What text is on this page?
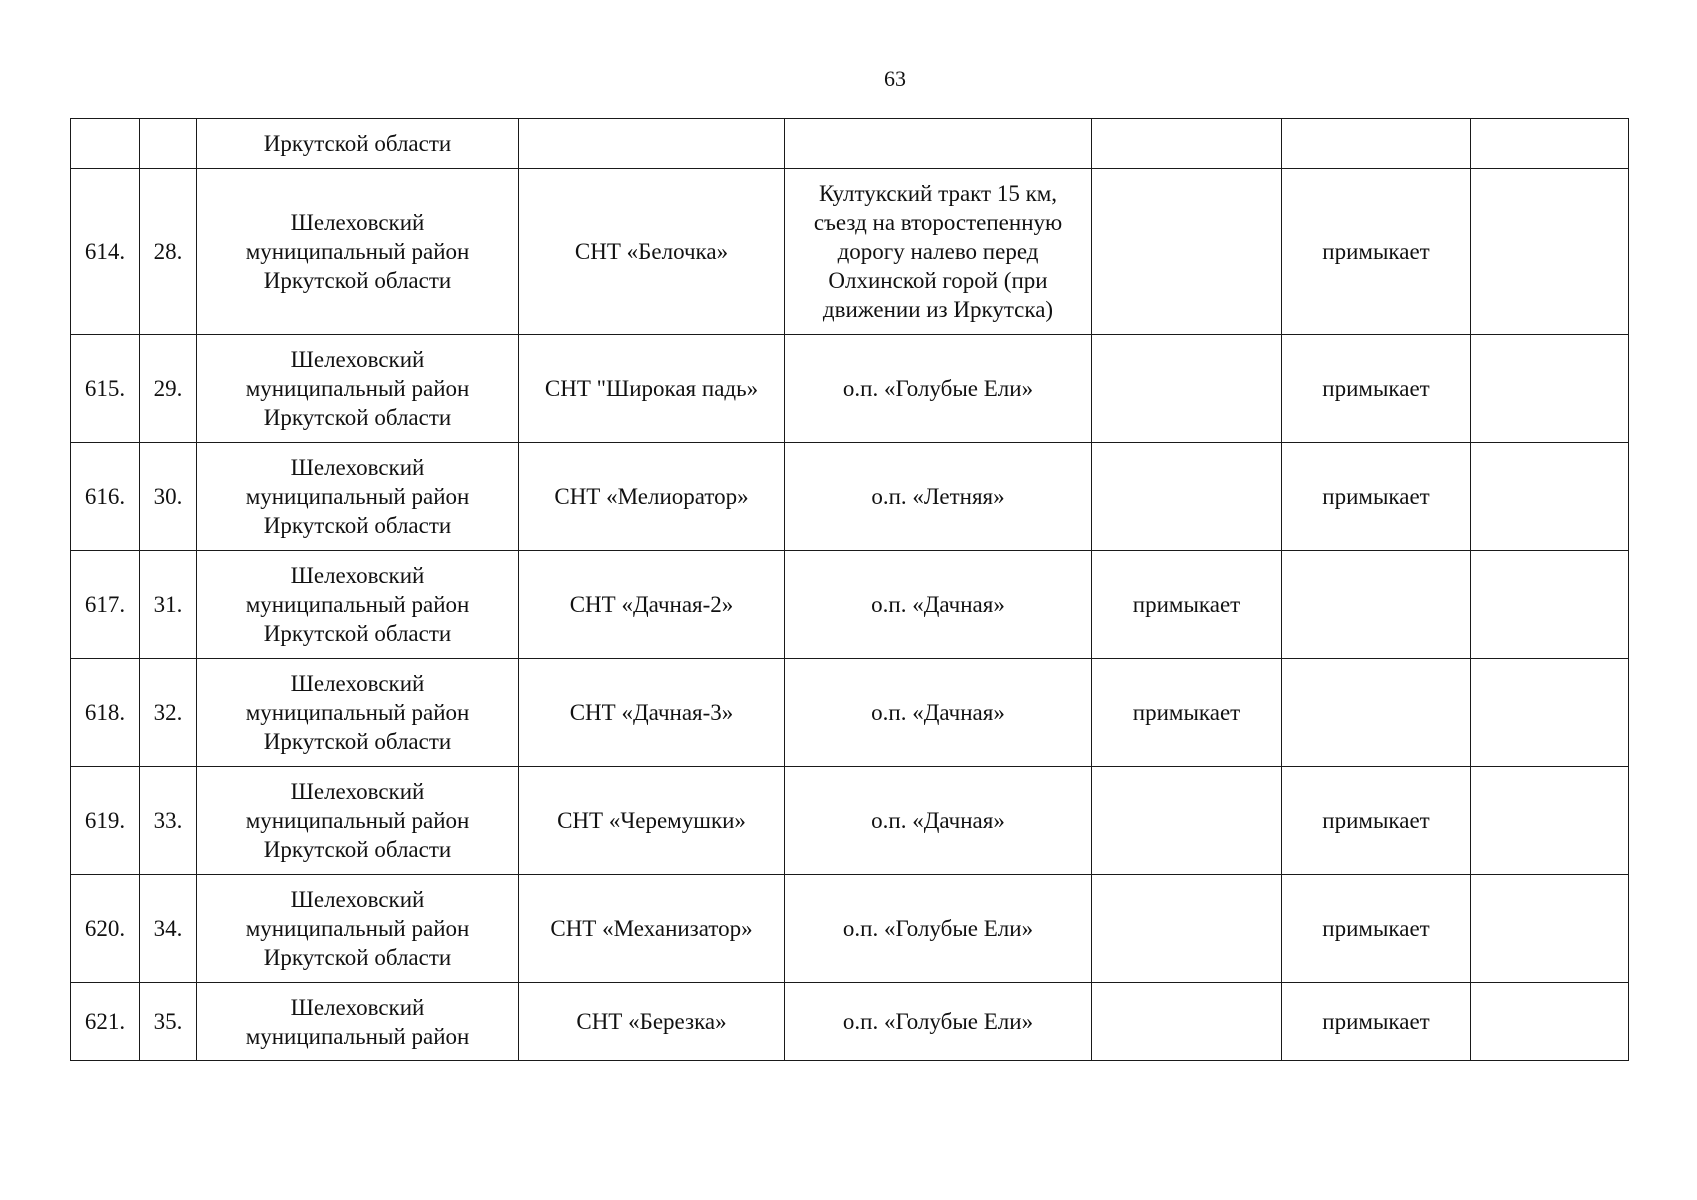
63
		Иркутской области					
614.	28.	Шелеховский
муниципальный район
Иркутской области	СНТ «Белочка»	Култукский тракт 15 км,
съезд на второстепенную
дорогу налево перед
Олхинской горой (при
движении из Иркутска)		примыкает	
615.	29.	Шелеховский
муниципальный район
Иркутской области	СНТ "Широкая падь»	о.п. «Голубые Ели»		примыкает	
616.	30.	Шелеховский
муниципальный район
Иркутской области	СНТ «Мелиоратор»	о.п. «Летняя»		примыкает	
617.	31.	Шелеховский
муниципальный район
Иркутской области	СНТ «Дачная-2»	о.п. «Дачная»	примыкает		
618.	32.	Шелеховский
муниципальный район
Иркутской области	СНТ «Дачная-3»	о.п. «Дачная»	примыкает		
619.	33.	Шелеховский
муниципальный район
Иркутской области	СНТ «Черемушки»	о.п. «Дачная»		примыкает	
620.	34.	Шелеховский
муниципальный район
Иркутской области	СНТ «Механизатор»	о.п. «Голубые Ели»		примыкает	
621.	35.	Шелеховский
муниципальный район	СНТ «Березка»	о.п. «Голубые Ели»		примыкает	
